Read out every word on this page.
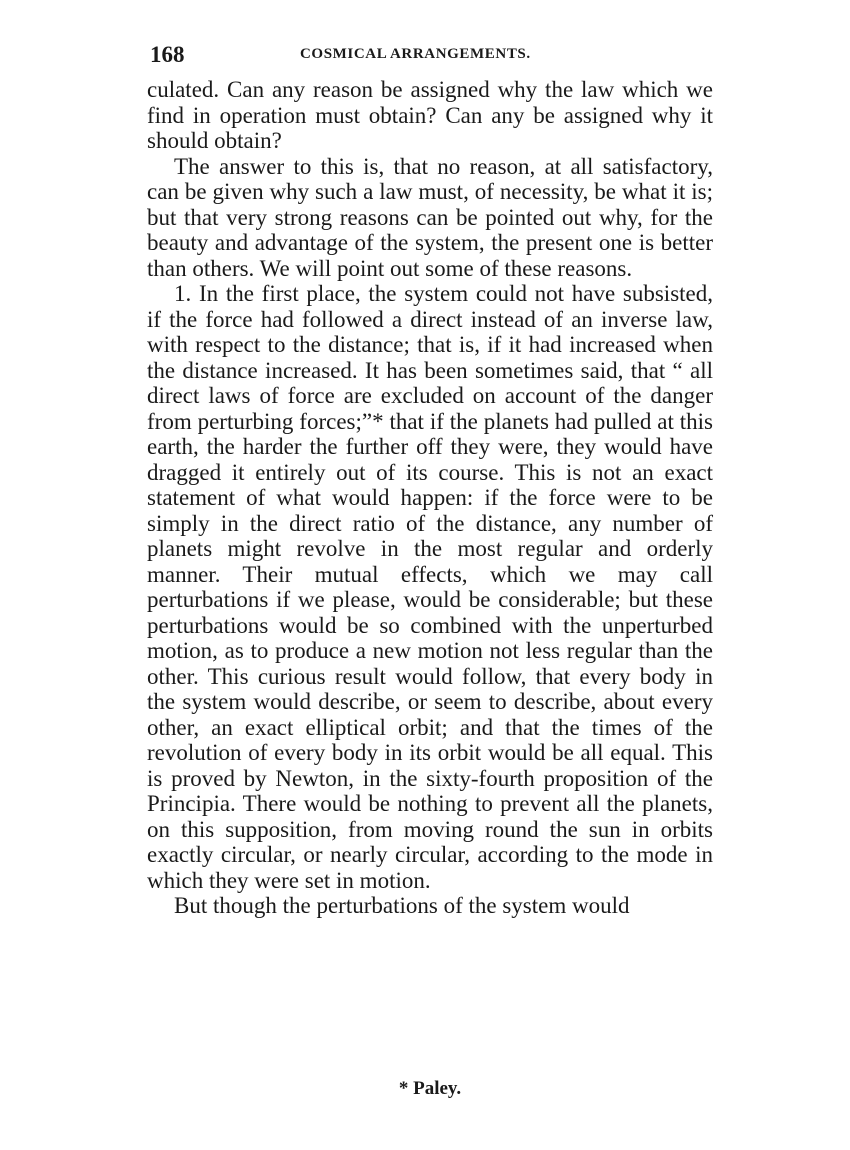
168	COSMICAL ARRANGEMENTS.

culated. Can any reason be assigned why the law which we find in operation must obtain? Can any be assigned why it should obtain?

The answer to this is, that no reason, at all satisfactory, can be given why such a law must, of necessity, be what it is; but that very strong reasons can be pointed out why, for the beauty and advantage of the system, the present one is better than others. We will point out some of these reasons.

1. In the first place, the system could not have subsisted, if the force had followed a direct instead of an inverse law, with respect to the distance; that is, if it had increased when the distance increased. It has been sometimes said, that “ all direct laws of force are excluded on account of the danger from perturbing forces;”* that if the planets had pulled at this earth, the harder the further off they were, they would have dragged it entirely out of its course. This is not an exact statement of what would happen: if the force were to be simply in the direct ratio of the distance, any number of planets might revolve in the most regular and orderly manner. Their mutual effects, which we may call perturbations if we please, would be considerable; but these perturbations would be so combined with the unperturbed motion, as to produce a new motion not less regular than the other. This curious result would follow, that every body in the system would describe, or seem to describe, about every other, an exact elliptical orbit; and that the times of the revolution of every body in its orbit would be all equal. This is proved by Newton, in the sixty-fourth proposition of the Principia. There would be nothing to prevent all the planets, on this supposition, from moving round the sun in orbits exactly circular, or nearly circular, according to the mode in which they were set in motion.

But though the perturbations of the system would

* Paley.
